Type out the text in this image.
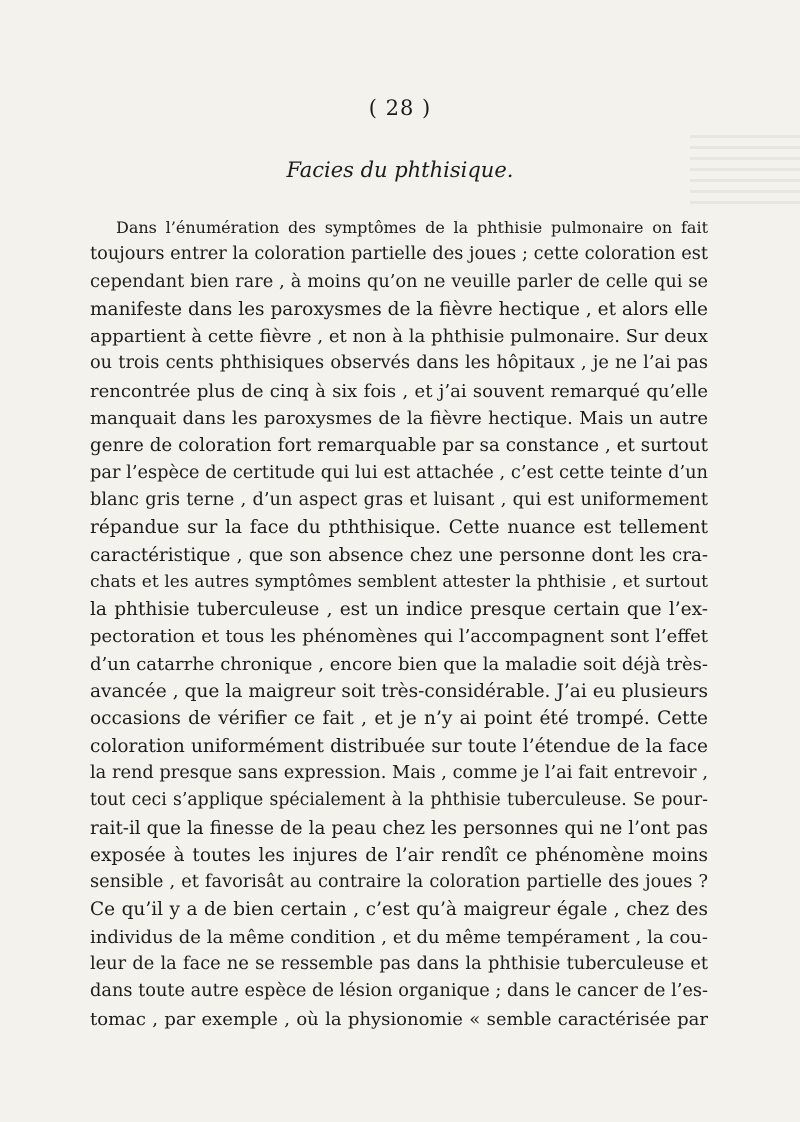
( 28 )
Facies du phthisique.
Dans l’énumération des symptômes de la phthisie pulmonaire on fait
toujours entrer la coloration partielle des joues ; cette coloration est
cependant bien rare , à moins qu’on ne veuille parler de celle qui se
manifeste dans les paroxysmes de la fièvre hectique , et alors elle
appartient à cette fièvre , et non à la phthisie pulmonaire. Sur deux
ou trois cents phthisiques observés dans les hôpitaux , je ne l’ai pas
rencontrée plus de cinq à six fois , et j’ai souvent remarqué qu’elle
manquait dans les paroxysmes de la fièvre hectique. Mais un autre
genre de coloration fort remarquable par sa constance , et surtout
par l’espèce de certitude qui lui est attachée , c’est cette teinte d’un
blanc gris terne , d’un aspect gras et luisant , qui est uniformement
répandue sur la face du pththisique. Cette nuance est tellement
caractéristique , que son absence chez une personne dont les cra-
chats et les autres symptômes semblent attester la phthisie , et surtout
la phthisie tuberculeuse , est un indice presque certain que l’ex-
pectoration et tous les phénomènes qui l’accompagnent sont l’effet
d’un catarrhe chronique , encore bien que la maladie soit déjà très-
avancée , que la maigreur soit très-considérable. J’ai eu plusieurs
occasions de vérifier ce fait , et je n’y ai point été trompé. Cette
coloration uniformément distribuée sur toute l’étendue de la face
la rend presque sans expression. Mais , comme je l’ai fait entrevoir ,
tout ceci s’applique spécialement à la phthisie tuberculeuse. Se pour-
rait-il que la finesse de la peau chez les personnes qui ne l’ont pas
exposée à toutes les injures de l’air rendît ce phénomène moins
sensible , et favorisât au contraire la coloration partielle des joues ?
Ce qu’il y a de bien certain , c’est qu’à maigreur égale , chez des
individus de la même condition , et du même tempérament , la cou-
leur de la face ne se ressemble pas dans la phthisie tuberculeuse et
dans toute autre espèce de lésion organique ; dans le cancer de l’es-
tomac , par exemple , où la physionomie « semble caractérisée par
